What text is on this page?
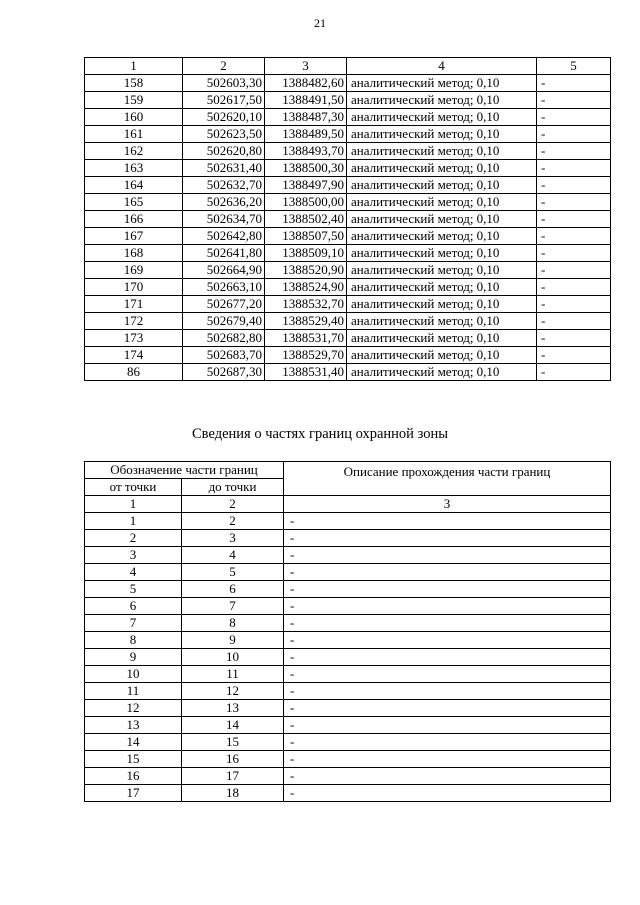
21
1	2	3	4	5
158	502603,30	1388482,60	аналитический метод; 0,10	-
159	502617,50	1388491,50	аналитический метод; 0,10	-
160	502620,10	1388487,30	аналитический метод; 0,10	-
161	502623,50	1388489,50	аналитический метод; 0,10	-
162	502620,80	1388493,70	аналитический метод; 0,10	-
163	502631,40	1388500,30	аналитический метод; 0,10	-
164	502632,70	1388497,90	аналитический метод; 0,10	-
165	502636,20	1388500,00	аналитический метод; 0,10	-
166	502634,70	1388502,40	аналитический метод; 0,10	-
167	502642,80	1388507,50	аналитический метод; 0,10	-
168	502641,80	1388509,10	аналитический метод; 0,10	-
169	502664,90	1388520,90	аналитический метод; 0,10	-
170	502663,10	1388524,90	аналитический метод; 0,10	-
171	502677,20	1388532,70	аналитический метод; 0,10	-
172	502679,40	1388529,40	аналитический метод; 0,10	-
173	502682,80	1388531,70	аналитический метод; 0,10	-
174	502683,70	1388529,70	аналитический метод; 0,10	-
86	502687,30	1388531,40	аналитический метод; 0,10	-
Сведения о частях границ охранной зоны
Обозначение части границ		Описание прохождения части границ
от точки	до точки	
1	2	3
1	2	-
2	3	-
3	4	-
4	5	-
5	6	-
6	7	-
7	8	-
8	9	-
9	10	-
10	11	-
11	12	-
12	13	-
13	14	-
14	15	-
15	16	-
16	17	-
17	18	-
